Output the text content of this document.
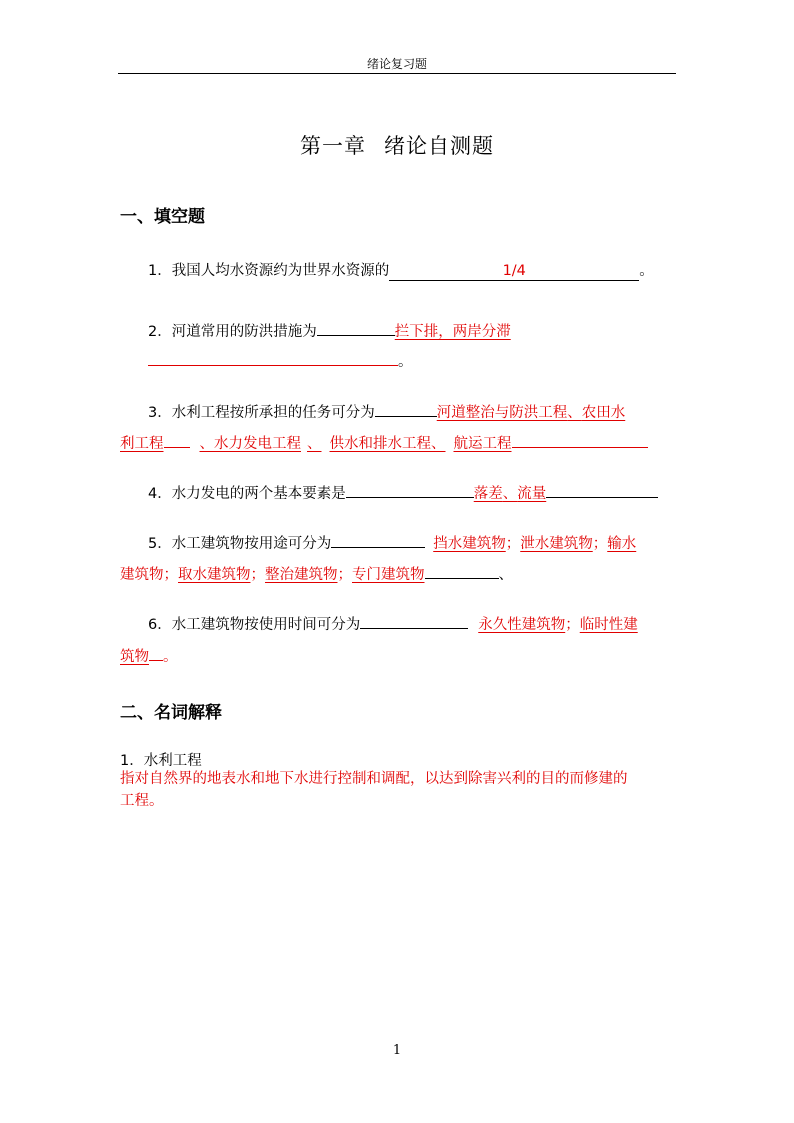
绪论复习题
第一章 绪论自测题
一、填空题
1．我国人均水资源约为世界水资源的	1/4	。
2．河道常用的防洪措施为	拦下排，两岸分滞
。
3．水利工程按所承担的任务可分为	河道整治与防洪工程、农田水
利工程 、水力发电工程 、 供水和排水工程、 航运工程
4．水力发电的两个基本要素是	落差、流量
5．水工建筑物按用途可分为	挡水建筑物；泄水建筑物；输水
建筑物；取水建筑物；整治建筑物；专门建筑物	、
6．水工建筑物按使用时间可分为	永久性建筑物；临时性建
筑物 。
二、名词解释
1．水利工程
指对自然界的地表水和地下水进行控制和调配，以达到除害兴利的目的而修建的
工程。
1
